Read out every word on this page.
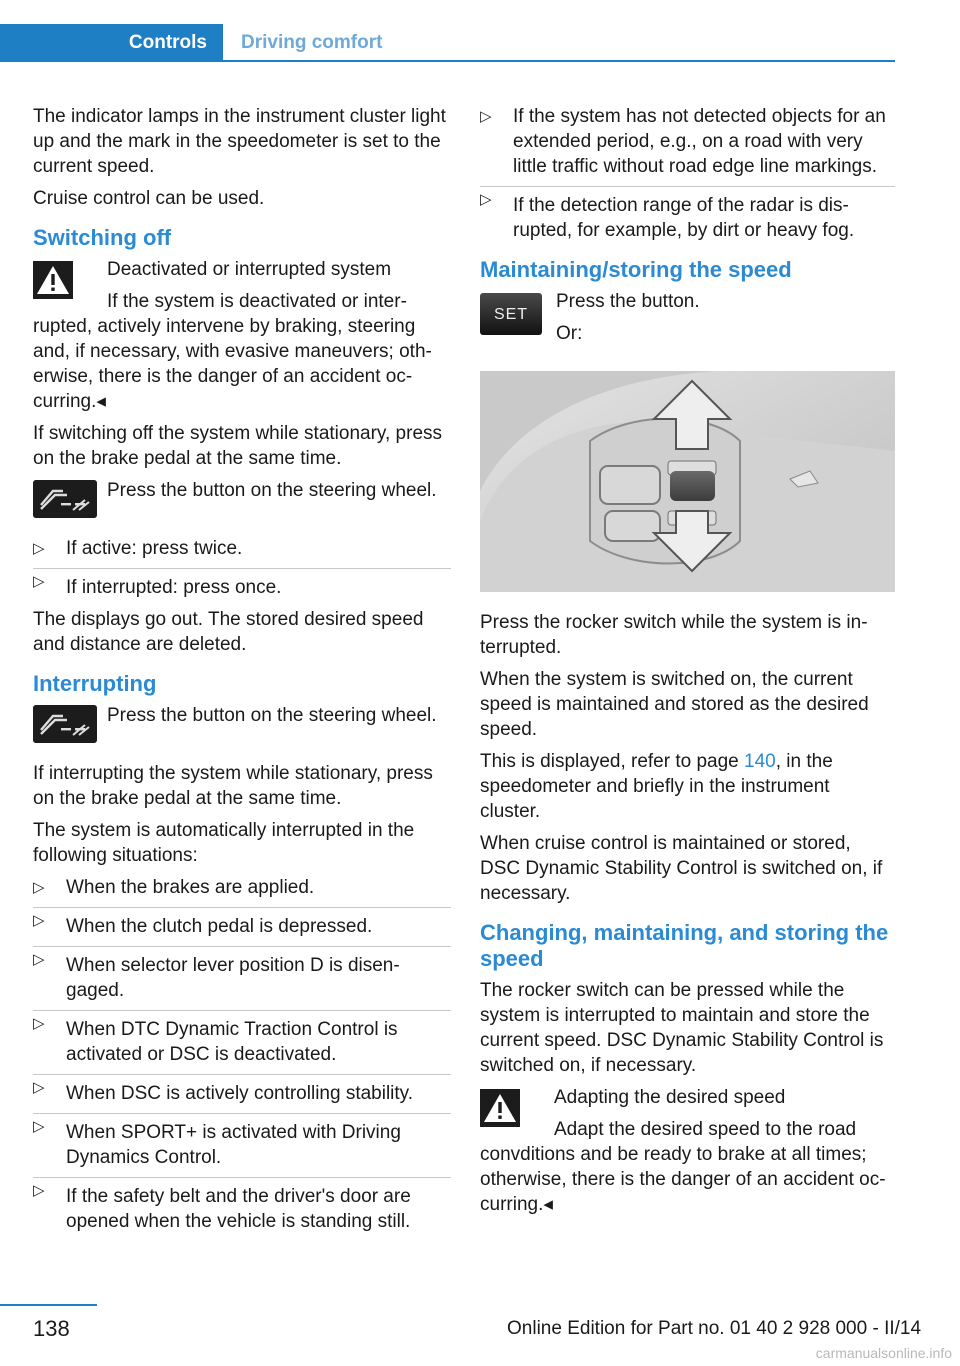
Controls Driving comfort

The indicator lamps in the instrument cluster light up and the mark in the speedometer is set to the current speed.

Cruise control can be used.

Switching off
Deactivated or interrupted system
If the system is deactivated or interrupted, actively intervene by braking, steering and, if necessary, with evasive maneuvers; otherwise, there is the danger of an accident occurring.◂

If switching off the system while stationary, press on the brake pedal at the same time.

Press the button on the steering wheel.
▷ If active: press twice.
▷ If interrupted: press once.

The displays go out. The stored desired speed and distance are deleted.

Interrupting
Press the button on the steering wheel.

If interrupting the system while stationary, press on the brake pedal at the same time.

The system is automatically interrupted in the following situations:

▷ When the brakes are applied.
▷ When the clutch pedal is depressed.
▷ When selector lever position D is disengaged.
▷ When DTC Dynamic Traction Control is activated or DSC is deactivated.
▷ When DSC is actively controlling stability.
▷ When SPORT+ is activated with Driving Dynamics Control.
▷ If the safety belt and the driver's door are opened when the vehicle is standing still.
▷ If the system has not detected objects for an extended period, e.g., on a road with very little traffic without road edge line markings.
▷ If the detection range of the radar is disrupted, for example, by dirt or heavy fog.
Maintaining/storing the speed
SET

Press the button.

Or:

Press the rocker switch while the system is interrupted.

When the system is switched on, the current speed is maintained and stored as the desired speed.

This is displayed, refer to page 140, in the speedometer and briefly in the instrument cluster.

When cruise control is maintained or stored, DSC Dynamic Stability Control is switched on, if necessary.

Changing, maintaining, and storing the speed

The rocker switch can be pressed while the system is interrupted to maintain and store the current speed. DSC Dynamic Stability Control is switched on, if necessary.

Adapting the desired speed
Adapt the desired speed to the road convditions and be ready to brake at all times; otherwise, there is the danger of an accident occurring.◂
138	Online Edition for Part no. 01 40 2 928 000 - II/14
carmanualsonline.info
